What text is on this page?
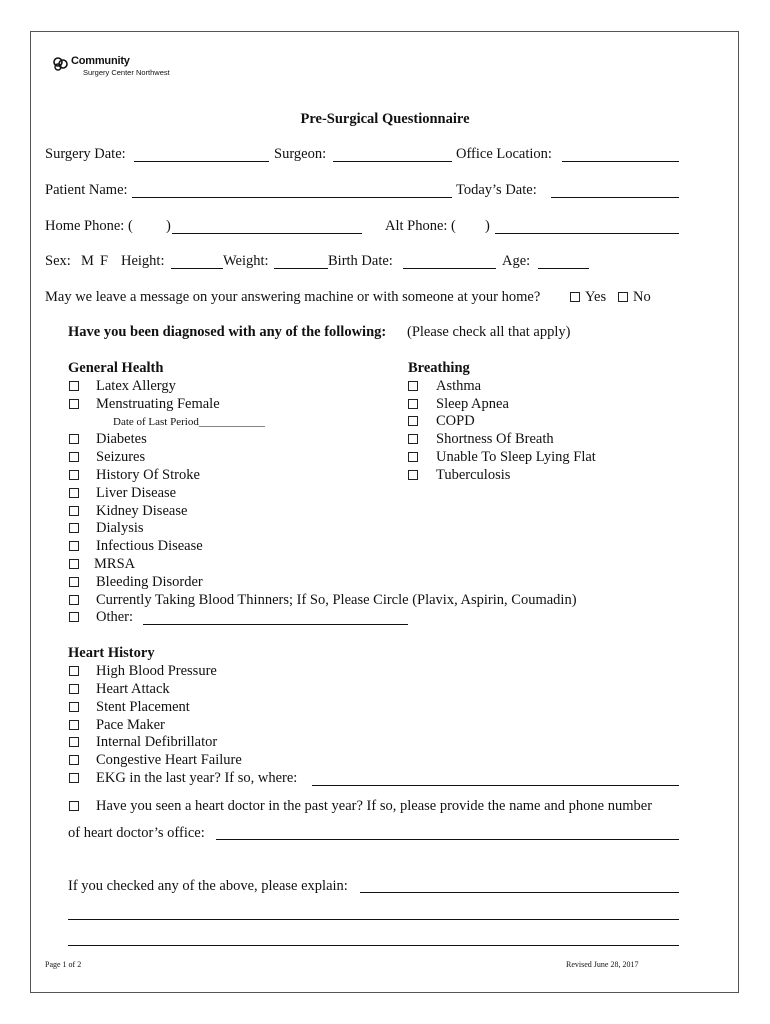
Community
Surgery Center Northwest
Pre-Surgical Questionnaire
Surgery Date:	Surgeon:	Office Location:
Patient Name:	Today’s Date:
Home Phone: ( )	Alt Phone: ( )
Sex: M F Height:	Weight:	Birth Date:	Age:
May we leave a message on your answering machine or with someone at your home?	Yes No
Have you been diagnosed with any of the following: (Please check all that apply)
General Health
Latex Allergy
Menstruating Female
Date of Last Period____________
Diabetes
Seizures
History Of Stroke
Liver Disease
Kidney Disease
Dialysis
Infectious Disease
MRSA
Bleeding Disorder
Currently Taking Blood Thinners; If So, Please Circle (Plavix, Aspirin, Coumadin)
Other:
Breathing
Asthma
Sleep Apnea
COPD
Shortness Of Breath
Unable To Sleep Lying Flat
Tuberculosis
Heart History
High Blood Pressure
Heart Attack
Stent Placement
Pace Maker
Internal Defibrillator
Congestive Heart Failure
EKG in the last year? If so, where:
Have you seen a heart doctor in the past year? If so, please provide the name and phone number
of heart doctor’s office:
If you checked any of the above, please explain:
Page 1 of 2	Revised June 28, 2017
